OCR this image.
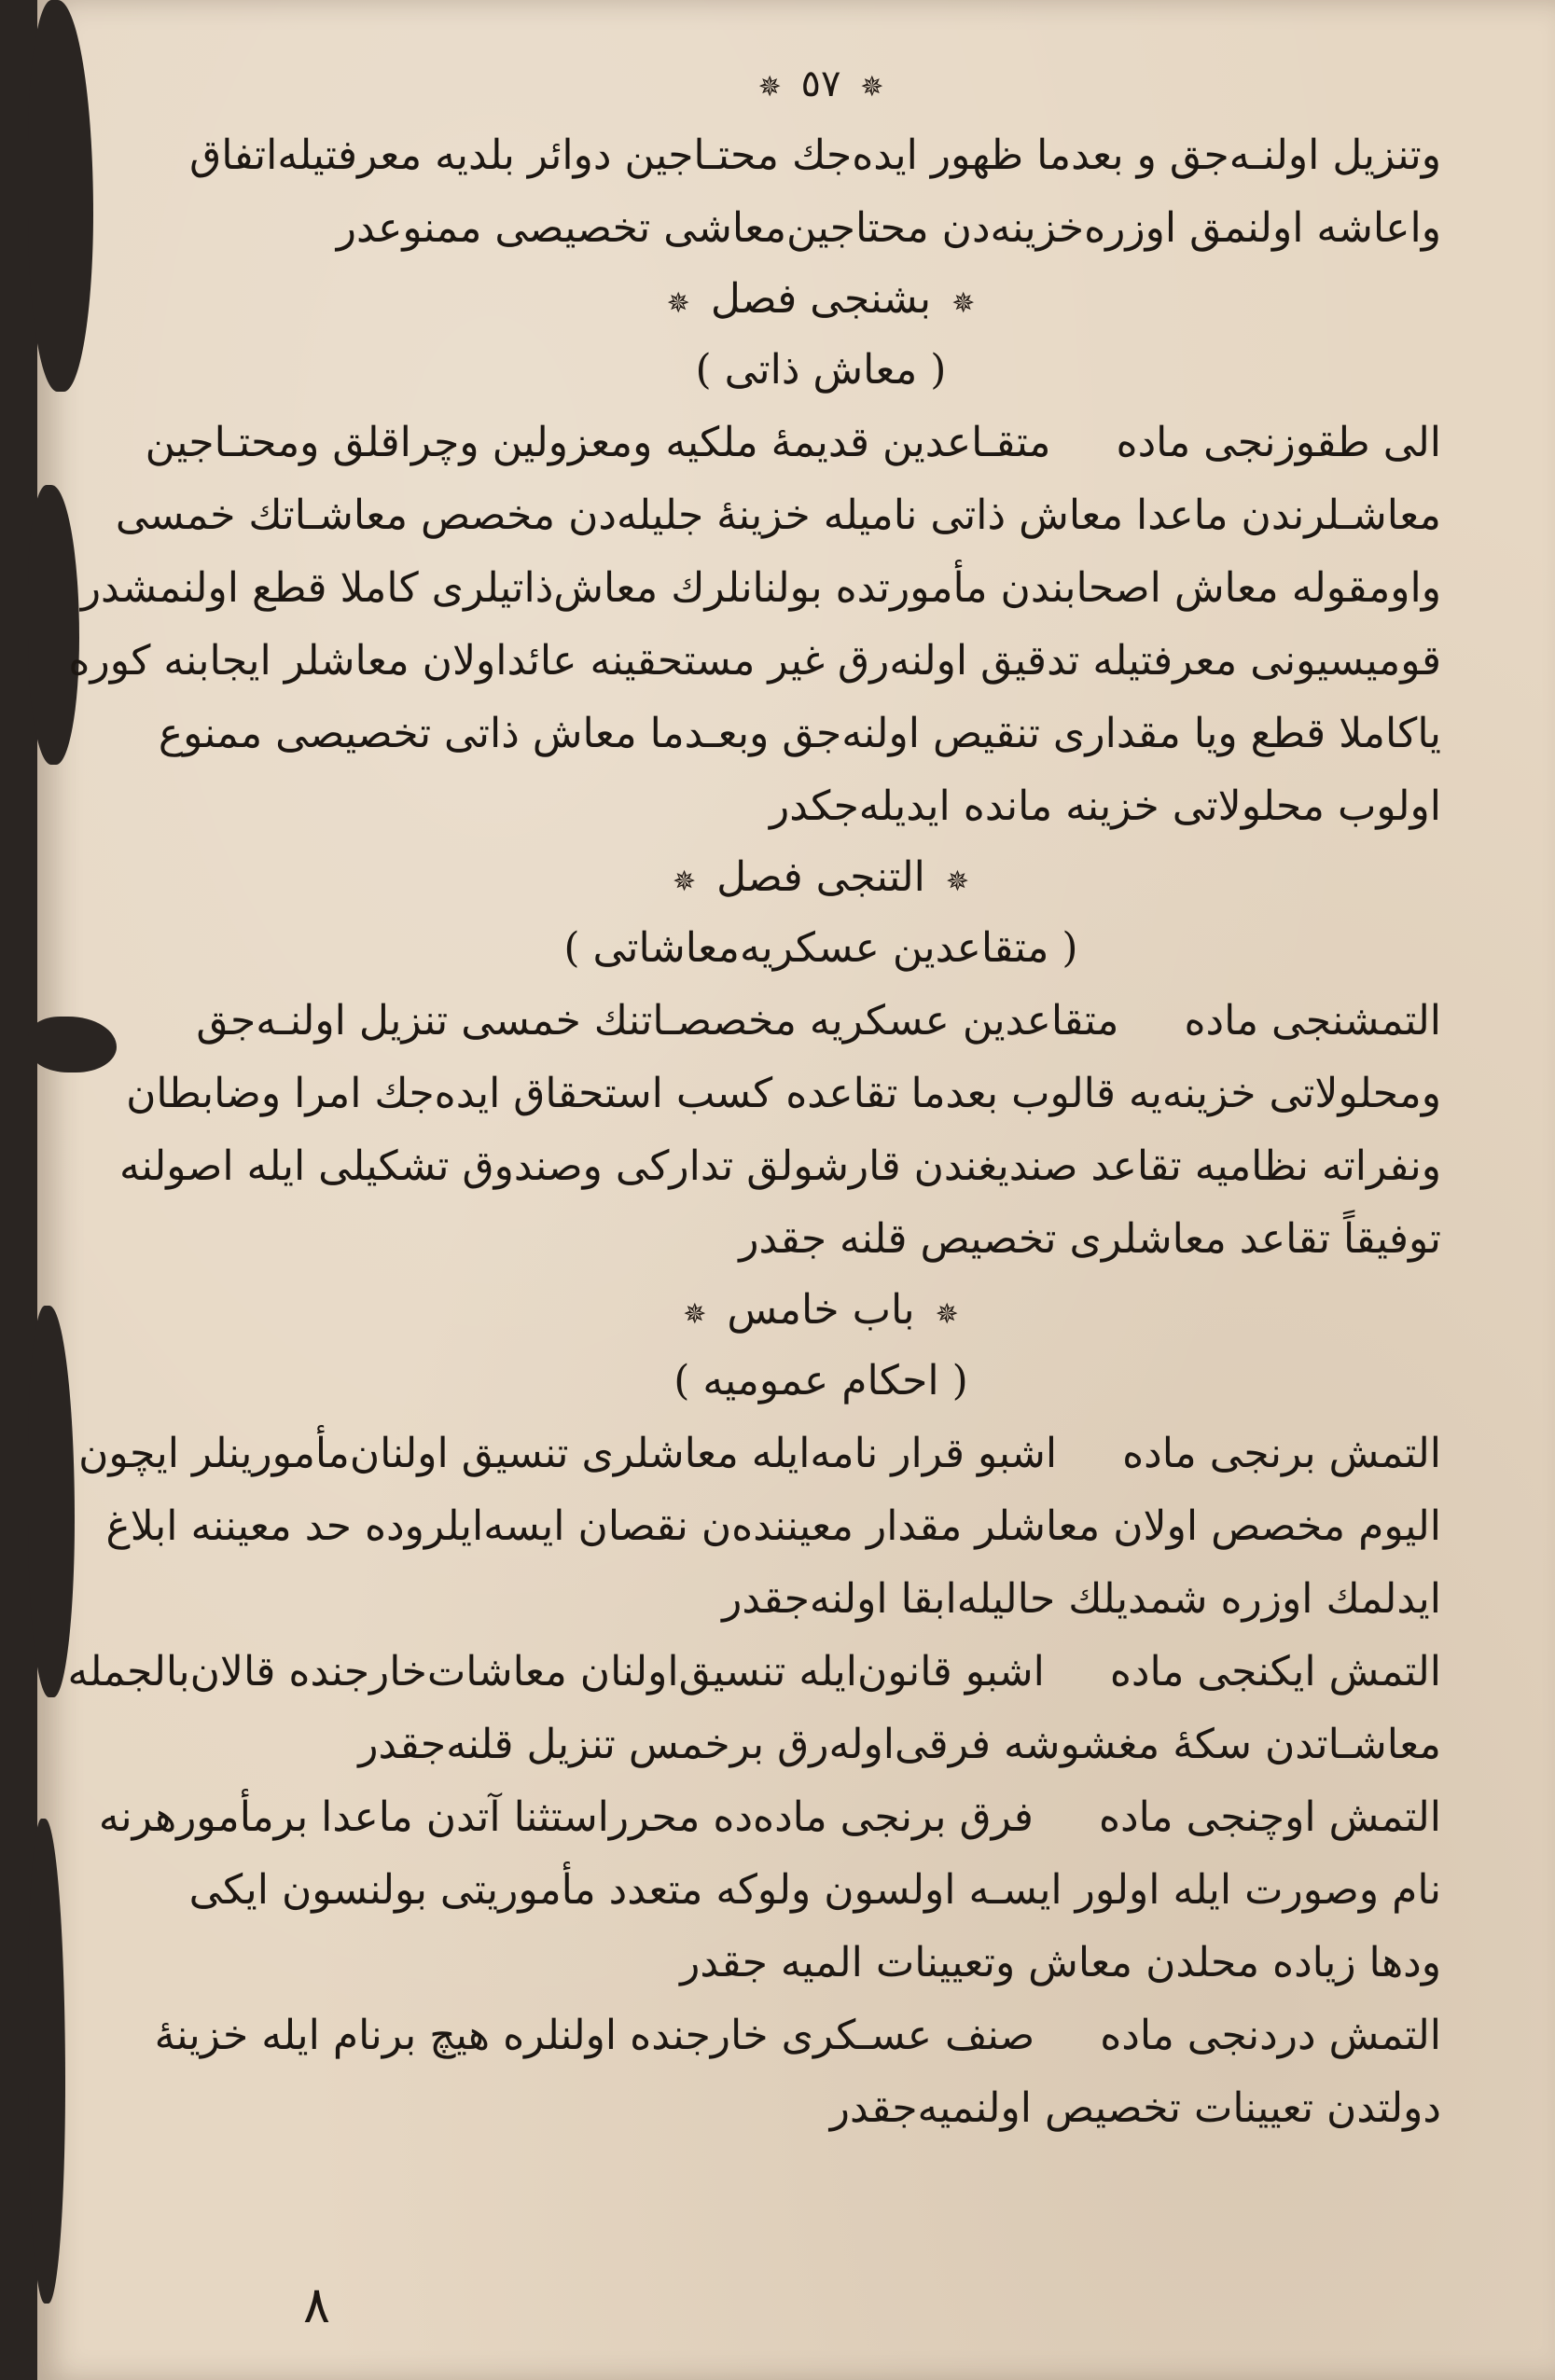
✵ ٥٧ ✵
وتنزيل اولنـه‌جق و بعدما ظهور ايده‌جك محتـاجين دوائر بلديه معرفتيله‌اتفاق
واعاشه اولنمق اوزره‌خزينه‌دن محتاجين‌معاشى تخصيصى ممنوعدر
✵ بشنجى فصل ✵
( معاش ذاتى )
الى طقوزنجى مادهمتقـاعدين قديمهٔ ملكيه ومعزولين وچراقلق ومحتـاجين
معاشـلرندن ماعدا معاش ذاتى ناميله خزينهٔ جليله‌دن مخصص معاشـاتك خمسى
واومقوله معاش اصحابندن مأمورتده بولنانلرك معاش‌ذاتيلرى كاملا قطع اولنمشدر
قوميسيونى معرفتيله تدقيق اولنه‌رق غير مستحقينه عائداولان معاشلر ايجابنه كوره
ياكاملا قطع ويا مقدارى تنقيص اولنه‌جق وبعـدما معاش ذاتى تخصيصى ممنوع
اولوب محلولاتى خزينه مانده ايديله‌جكدر
✵ التنجى فصل ✵
( متقاعدين عسكريه‌معاشاتى )
التمشنجى مادهمتقاعدين عسكريه مخصصـاتنك خمسى تنزيل اولنـه‌جق
ومحلولاتى خزينه‌يه قالوب بعدما تقاعده كسب استحقاق ايده‌جك امرا وضابطان
ونفراته نظاميه تقاعد صنديغندن قارشولق تداركى وصندوق تشكيلى ايله اصولنه
توفيقاً تقاعد معاشلرى تخصيص قلنه جقدر
✵ باب خامس ✵
( احكام عموميه )
التمش برنجى مادهاشبو قرار نامه‌ايله معاشلرى تنسيق اولنان‌مأمورينلر ايچون
اليوم مخصص اولان معاشلر مقدار معيننده‌ن نقصان ايسه‌ايلروده حد معيننه ابلاغ
ايدلمك اوزره شمديلك حاليله‌ابقا اولنه‌جقدر
التمش ايكنجى مادهاشبو قانون‌ايله تنسيق‌اولنان معاشات‌خارجنده قالان‌بالجمله
معاشـاتدن سكهٔ مغشوشه فرقى‌اوله‌رق برخمس تنزيل قلنه‌جقدر
التمش اوچنجى مادهفرق برنجى ماده‌ده محرراستثنا آتدن ماعدا برمأمورهرنه
نام وصورت ايله اولور ايسـه اولسون ولوكه متعدد مأموريتى بولنسون ايكى
ودها زياده محلدن معاش وتعيينات الميه جقدر
التمش دردنجى مادهصنف عسـكرى خارجنده اولنلره هيچ برنام ايله خزينهٔ
دولتدن تعيينات تخصيص اولنميه‌جقدر
٨
